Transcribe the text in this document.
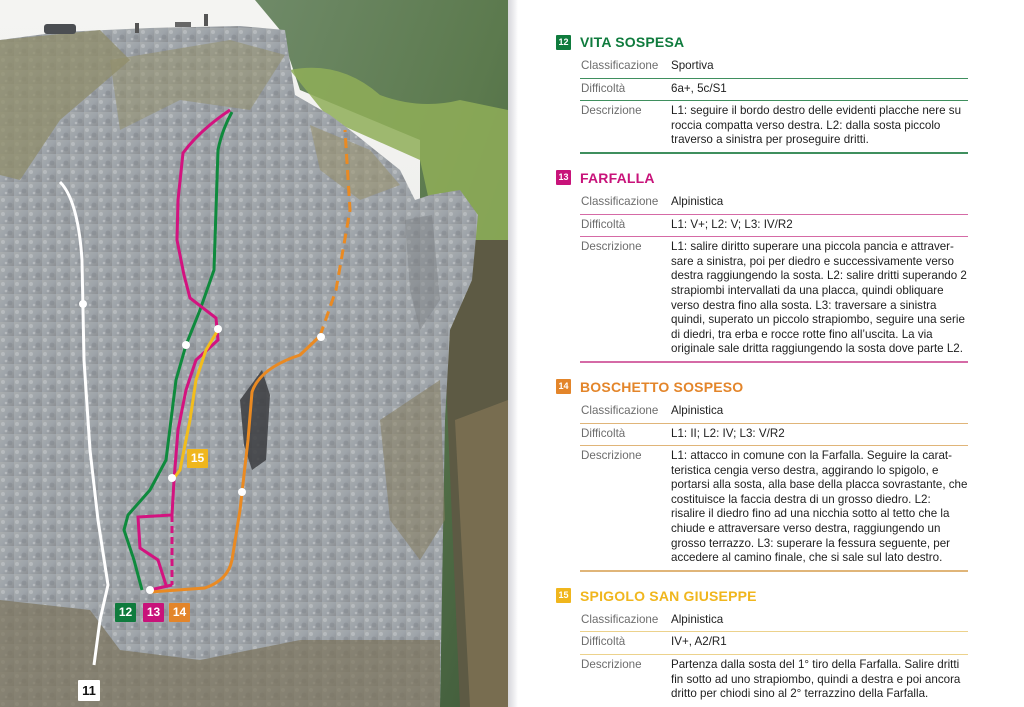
11
12	13	14
15
12 VITA SOSPESA
Classificazione	Sportiva
Difficoltà	6a+, 5c/S1
Descrizione	L1: seguire il bordo destro delle evidenti placche nere su roccia compatta verso destra. L2: dalla sosta piccolo traverso a sinistra per proseguire dritti.
13 FARFALLA
Classificazione	Alpinistica
Difficoltà	L1: V+; L2: V; L3: IV/R2
Descrizione	L1: salire diritto superare una piccola pancia e attraver-sare a sinistra, poi per diedro e successivamente verso destra raggiungendo la sosta. L2: salire dritti superando 2 strapiombi intervallati da una placca, quindi obliquare verso destra fino alla sosta. L3: traversare a sinistra quindi, superato un piccolo strapiombo, seguire una serie di diedri, tra erba e rocce rotte fino all’uscita. La via originale sale dritta raggiungendo la sosta dove parte L2.
14 BOSCHETTO SOSPESO
Classificazione	Alpinistica
Difficoltà	L1: II; L2: IV; L3: V/R2
Descrizione	L1: attacco in comune con la Farfalla. Seguire la carat-teristica cengia verso destra, aggirando lo spigolo, e portarsi alla sosta, alla base della placca sovrastante, che costituisce la faccia destra di un grosso diedro. L2: risalire il diedro fino ad una nicchia sotto al tetto che la chiude e attraversare verso destra, raggiungendo un grosso terrazzo. L3: superare la fessura seguente, per accedere al camino finale, che si sale sul lato destro.
15 SPIGOLO SAN GIUSEPPE
Classificazione	Alpinistica
Difficoltà	IV+, A2/R1
Descrizione	Partenza dalla sosta del 1° tiro della Farfalla. Salire dritti fin sotto ad uno strapiombo, quindi a destra e poi ancora dritto per chiodi sino al 2° terrazzino della Farfalla.
